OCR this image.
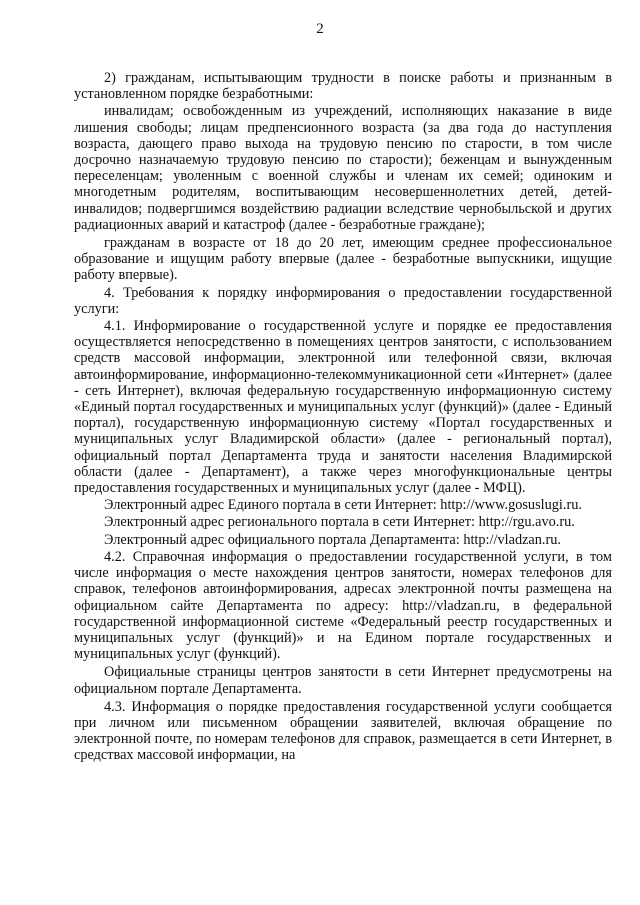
2

2) гражданам, испытывающим трудности в поиске работы и признанным в установленном порядке безработными:

инвалидам; освобожденным из учреждений, исполняющих наказание в виде лишения свободы; лицам предпенсионного возраста (за два года до наступления возраста, дающего право выхода на трудовую пенсию по старости, в том числе досрочно назначаемую трудовую пенсию по старости); беженцам и вынужденным переселенцам; уволенным с военной службы и членам их семей; одиноким и многодетным родителям, воспитывающим несовершеннолетних детей, детей-инвалидов; подвергшимся воздействию радиации вследствие чернобыльской и других радиационных аварий и катастроф (далее - безработные граждане);

гражданам в возрасте от 18 до 20 лет, имеющим среднее профессиональное образование и ищущим работу впервые (далее - безработные выпускники, ищущие работу впервые).

4. Требования к порядку информирования о предоставлении государственной услуги:

4.1. Информирование о государственной услуге и порядке ее предоставления осуществляется непосредственно в помещениях центров занятости, с использованием средств массовой информации, электронной или телефонной связи, включая автоинформирование, информационно-телекоммуникационной сети «Интернет» (далее - сеть Интернет), включая федеральную государственную информационную систему «Единый портал государственных и муниципальных услуг (функций)» (далее - Единый портал), государственную информационную систему «Портал государственных и муниципальных услуг Владимирской области» (далее - региональный портал), официальный портал Департамента труда и занятости населения Владимирской области (далее - Департамент), а также через многофункциональные центры предоставления государственных и муниципальных услуг (далее - МФЦ).

Электронный адрес Единого портала в сети Интернет: http://www.gosuslugi.ru.

Электронный адрес регионального портала в сети Интернет: http://rgu.avo.ru.

Электронный адрес официального портала Департамента: http://vladzan.ru.

4.2. Справочная информация о предоставлении государственной услуги, в том числе информация о месте нахождения центров занятости, номерах телефонов для справок, телефонов автоинформирования, адресах электронной почты размещена на официальном сайте Департамента по адресу: http://vladzan.ru, в федеральной государственной информационной системе «Федеральный реестр государственных и муниципальных услуг (функций)» и на Едином портале государственных и муниципальных услуг (функций).

Официальные страницы центров занятости в сети Интернет предусмотрены на официальном портале Департамента.

4.3. Информация о порядке предоставления государственной услуги сообщается при личном или письменном обращении заявителей, включая обращение по электронной почте, по номерам телефонов для справок, размещается в сети Интернет, в средствах массовой информации, на
